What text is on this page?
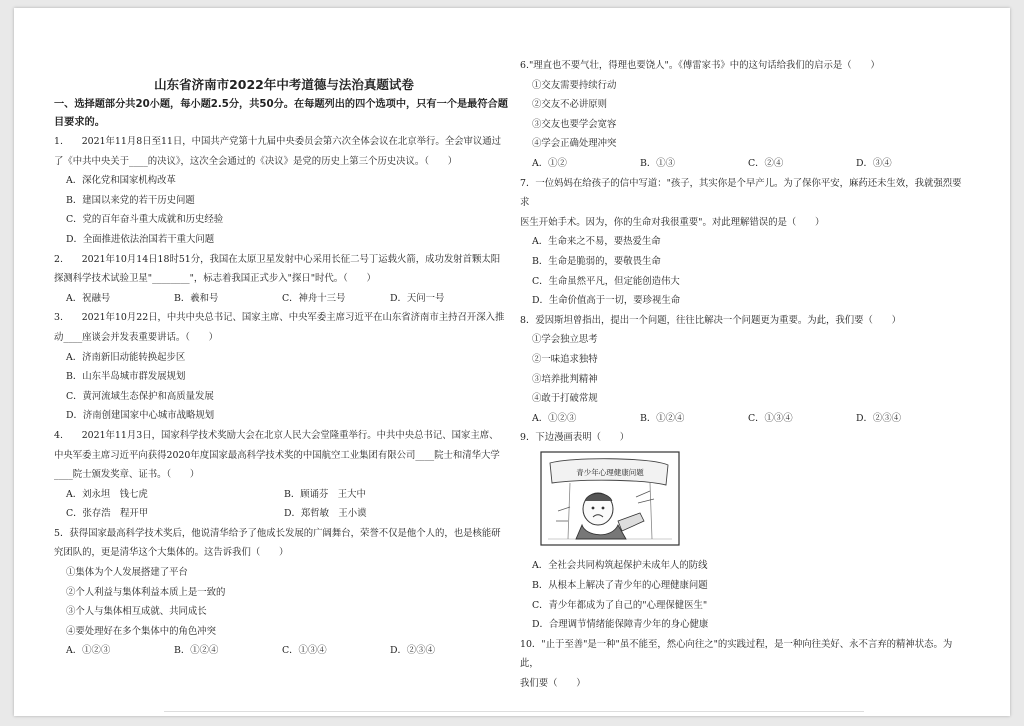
山东省济南市2022年中考道德与法治真题试卷
一、选择题部分共20小题，每小题2.5分，共50分。在每题列出的四个选项中，只有一个是最符合题目要求的。
1.　　2021年11月8日至11日，中国共产党第十九届中央委员会第六次全体会议在北京举行。全会审议通过
了《中共中央关于____的决议》，这次全会通过的《决议》是党的历史上第三个历史决议。（　　）
A．深化党和国家机构改革
B．建国以来党的若干历史问题
C．党的百年奋斗重大成就和历史经验
D．全面推进依法治国若干重大问题
2.　　2021年10月14日18时51分，我国在太原卫星发射中心采用长征二号丁运载火箭，成功发射首颗太阳
探测科学技术试验卫星"________"，标志着我国正式步入"探日"时代。（　　）
A．祝融号	B．羲和号	C．神舟十三号	D．天问一号
3.　　2021年10月22日，中共中央总书记、国家主席、中央军委主席习近平在山东省济南市主持召开深入推
动____座谈会并发表重要讲话。（　　）
A．济南新旧动能转换起步区
B．山东半岛城市群发展规划
C．黄河流域生态保护和高质量发展
D．济南创建国家中心城市战略规划
4.　　2021年11月3日，国家科学技术奖励大会在北京人民大会堂隆重举行。中共中央总书记、国家主席、
中央军委主席习近平向获得2020年度国家最高科学技术奖的中国航空工业集团有限公司____院士和清华大学
____院士颁发奖章、证书。（　　）
A．刘永坦　钱七虎	B．顾诵芬　王大中
C．张存浩　程开甲	D．郑哲敏　王小谟
5．获得国家最高科学技术奖后，他说清华给予了他成长发展的广阔舞台，荣誉不仅是他个人的，也是核能研
究团队的，更是清华这个大集体的。这告诉我们（　　）
①集体为个人发展搭建了平台
②个人利益与集体利益本质上是一致的
③个人与集体相互成就、共同成长
④要处理好在多个集体中的角色冲突
A．①②③	B．①②④	C．①③④	D．②③④
6."理直也不要气壮，得理也要饶人"。《傅雷家书》中的这句话给我们的启示是（　　）
①交友需要持续行动
②交友不必讲原则
③交友也要学会宽容
④学会正确处理冲突
A．①②	B．①③	C．②④	D．③④
7．一位妈妈在给孩子的信中写道："孩子，其实你是个早产儿。为了保你平安，麻药还未生效，我就强烈要求
医生开始手术。因为，你的生命对我很重要"。对此理解错误的是（　　）
A．生命来之不易，要热爱生命
B．生命是脆弱的，要敬畏生命
C．生命虽然平凡，但定能创造伟大
D．生命价值高于一切，要珍视生命
8．爱因斯坦曾指出，提出一个问题，往往比解决一个问题更为重要。为此，我们要（　　）
①学会独立思考
②一味追求独特
③培养批判精神
④敢于打破常规
A．①②③	B．①②④	C．①③④	D．②③④
9．下边漫画表明（　　）
青少年心理健康问题
A．全社会共同构筑起保护未成年人的防线
B．从根本上解决了青少年的心理健康问题
C．青少年都成为了自己的"心理保健医生"
D．合理调节情绪能保障青少年的身心健康
10．"止于至善"是一种"虽不能至，然心向往之"的实践过程，是一种向往美好、永不言弃的精神状态。为此，
我们要（　　）
